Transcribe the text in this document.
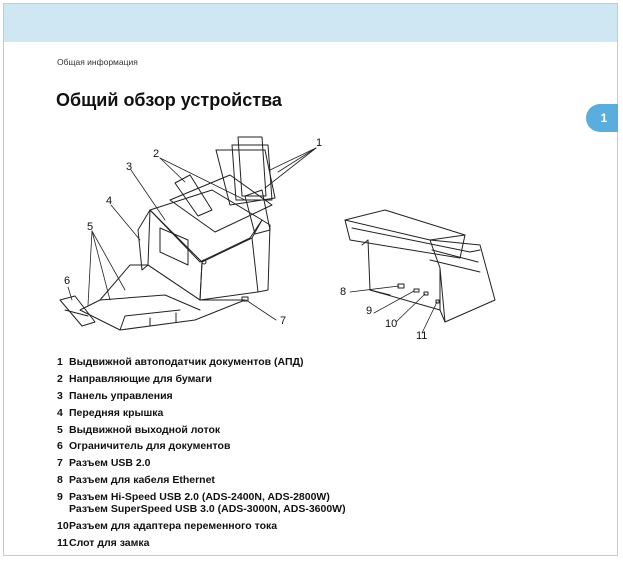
1
Общая информация
Общий обзор устройства
1
2
3
4
5
6
7
8
9
10
11
1 Выдвижной автоподатчик документов (АПД)
2 Направляющие для бумаги
3 Панель управления
4 Передняя крышка
5 Выдвижной выходной лоток
6 Ограничитель для документов
7 Разъем USB 2.0
8 Разъем для кабеля Ethernet
9 Разъем Hi-Speed USB 2.0 (ADS-2400N, ADS-2800W)
Разъем SuperSpeed USB 3.0 (ADS-3000N, ADS-3600W)
10 Разъем для адаптера переменного тока
11 Слот для замка
